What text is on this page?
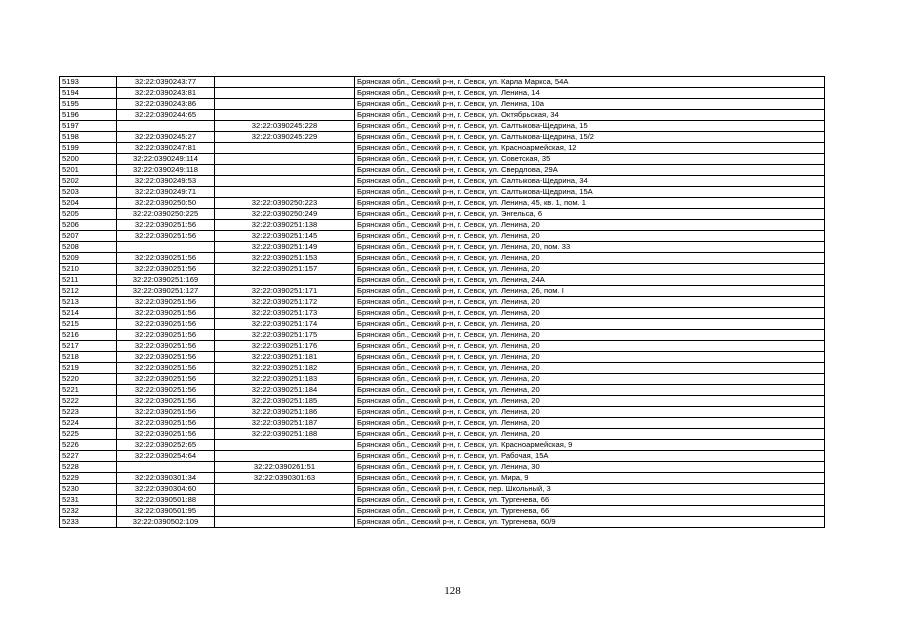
5193	32:22:0390243:77		Брянская обл., Севский р-н, г. Севск, ул. Карла Маркса, 54А
5194	32:22:0390243:81		Брянская обл., Севский р-н, г. Севск, ул. Ленина, 14
5195	32:22:0390243:86		Брянская обл., Севский р-н, г. Севск, ул. Ленина, 10а
5196	32:22:0390244:65		Брянская обл., Севский р-н, г. Севск, ул. Октябрьская, 34
5197		32:22:0390245:228	Брянская обл., Севский р-н, г. Севск, ул. Салтыкова-Щедрина, 15
5198	32:22:0390245:27	32:22:0390245:229	Брянская обл., Севский р-н, г. Севск, ул. Салтыкова-Щедрина, 15/2
5199	32:22:0390247:81		Брянская обл., Севский р-н, г. Севск, ул. Красноармейская, 12
5200	32:22:0390249:114		Брянская обл., Севский р-н, г. Севск, ул. Советская, 35
5201	32:22:0390249:118		Брянская обл., Севский р-н, г. Севск, ул. Свердлова, 29А
5202	32:22:0390249:53		Брянская обл., Севский р-н, г. Севск, ул. Салтыкова-Щедрина, 34
5203	32:22:0390249:71		Брянская обл., Севский р-н, г. Севск, ул. Салтыкова-Щедрина, 15А
5204	32:22:0390250:50	32:22:0390250:223	Брянская обл., Севский р-н, г. Севск, ул. Ленина, 45, кв. 1, пом. 1
5205	32:22:0390250:225	32:22:0390250:249	Брянская обл., Севский р-н, г. Севск, ул. Энгельса, 6
5206	32:22:0390251:56	32:22:0390251:138	Брянская обл., Севский р-н, г. Севск, ул. Ленина, 20
5207	32:22:0390251:56	32:22:0390251:145	Брянская обл., Севский р-н, г. Севск, ул. Ленина, 20
5208		32:22:0390251:149	Брянская обл., Севский р-н, г. Севск, ул. Ленина, 20, пом. 33
5209	32:22:0390251:56	32:22:0390251:153	Брянская обл., Севский р-н, г. Севск, ул. Ленина, 20
5210	32:22:0390251:56	32:22:0390251:157	Брянская обл., Севский р-н, г. Севск, ул. Ленина, 20
5211	32:22:0390251:169		Брянская обл., Севский р-н, г. Севск, ул. Ленина, 24А
5212	32:22:0390251:127	32:22:0390251:171	Брянская обл., Севский р-н, г. Севск, ул. Ленина, 26, пом. I
5213	32:22:0390251:56	32:22:0390251:172	Брянская обл., Севский р-н, г. Севск, ул. Ленина, 20
5214	32:22:0390251:56	32:22:0390251:173	Брянская обл., Севский р-н, г. Севск, ул. Ленина, 20
5215	32:22:0390251:56	32:22:0390251:174	Брянская обл., Севский р-н, г. Севск, ул. Ленина, 20
5216	32:22:0390251:56	32:22:0390251:175	Брянская обл., Севский р-н, г. Севск, ул. Ленина, 20
5217	32:22:0390251:56	32:22:0390251:176	Брянская обл., Севский р-н, г. Севск, ул. Ленина, 20
5218	32:22:0390251:56	32:22:0390251:181	Брянская обл., Севский р-н, г. Севск, ул. Ленина, 20
5219	32:22:0390251:56	32:22:0390251:182	Брянская обл., Севский р-н, г. Севск, ул. Ленина, 20
5220	32:22:0390251:56	32:22:0390251:183	Брянская обл., Севский р-н, г. Севск, ул. Ленина, 20
5221	32:22:0390251:56	32:22:0390251:184	Брянская обл., Севский р-н, г. Севск, ул. Ленина, 20
5222	32:22:0390251:56	32:22:0390251:185	Брянская обл., Севский р-н, г. Севск, ул. Ленина, 20
5223	32:22:0390251:56	32:22:0390251:186	Брянская обл., Севский р-н, г. Севск, ул. Ленина, 20
5224	32:22:0390251:56	32:22:0390251:187	Брянская обл., Севский р-н, г. Севск, ул. Ленина, 20
5225	32:22:0390251:56	32:22:0390251:188	Брянская обл., Севский р-н, г. Севск, ул. Ленина, 20
5226	32:22:0390252:65		Брянская обл., Севский р-н, г. Севск, ул. Красноармейская, 9
5227	32:22:0390254:64		Брянская обл., Севский р-н, г. Севск, ул. Рабочая, 15А
5228		32:22:0390261:51	Брянская обл., Севский р-н, г. Севск, ул. Ленина, 30
5229	32:22:0390301:34	32:22:0390301:63	Брянская обл., Севский р-н, г. Севск, ул. Мира, 9
5230	32:22:0390304:60		Брянская обл., Севский р-н, г. Севск, пер. Школьный, 3
5231	32:22:0390501:88		Брянская обл., Севский р-н, г. Севск, ул. Тургенева, 66
5232	32:22:0390501:95		Брянская обл., Севский р-н, г. Севск, ул. Тургенева, 66
5233	32:22:0390502:109		Брянская обл., Севский р-н, г. Севск, ул. Тургенева, 60/9
128
